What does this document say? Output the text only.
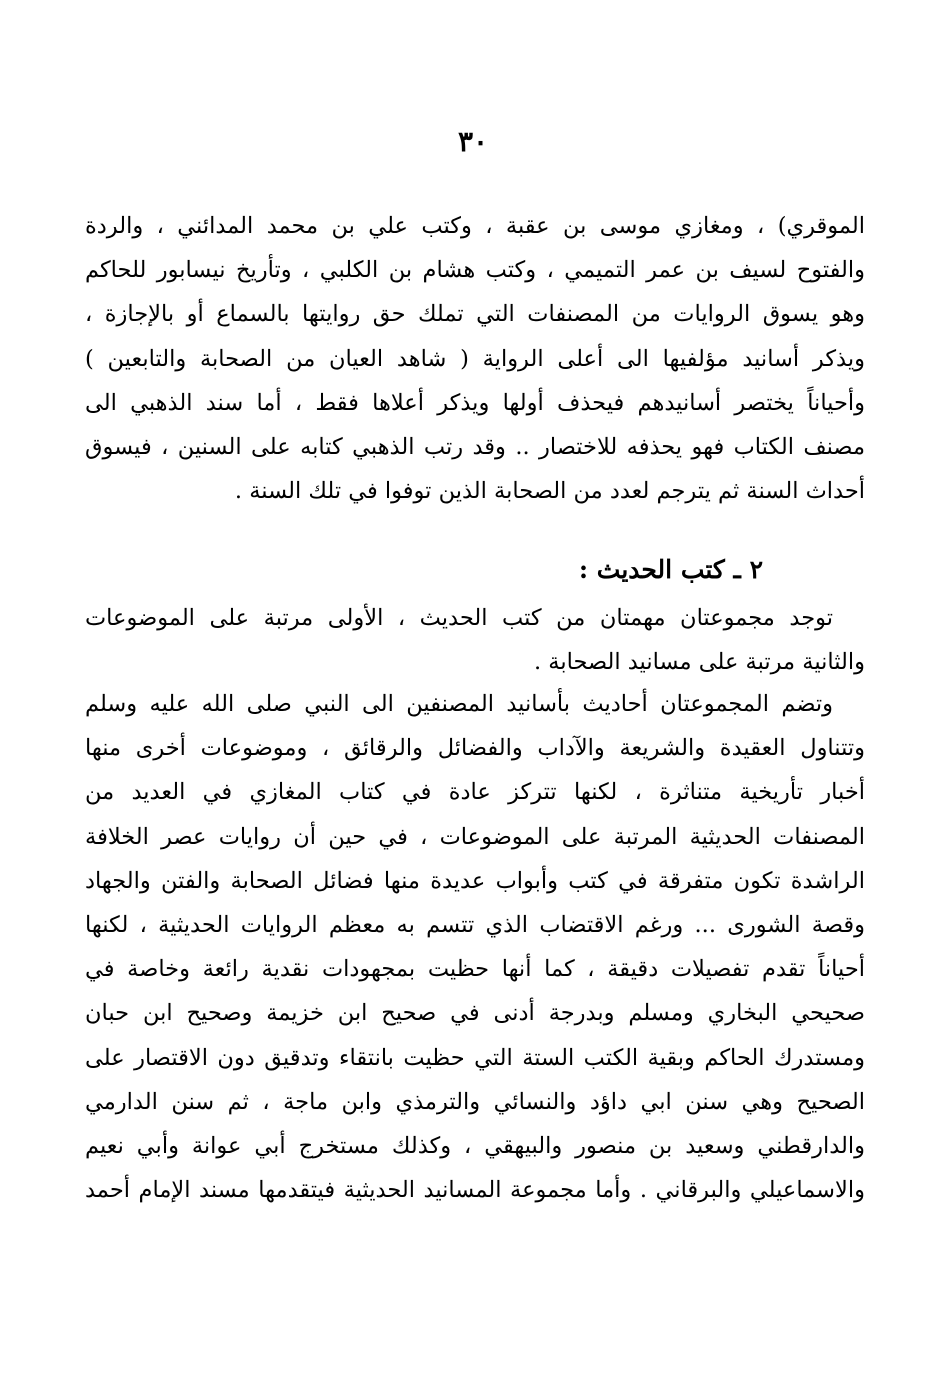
٣٠
الموقري) ، ومغازي موسى بن عقبة ، وكتب علي بن محمد المدائني ، والردة
والفتوح لسيف بن عمر التميمي ، وكتب هشام بن الكلبي ، وتأريخ نيسابور للحاكم
وهو يسوق الروايات من المصنفات التي تملك حق روايتها بالسماع أو بالإجازة ،
ويذكر أسانيد مؤلفيها الى أعلى الرواية ( شاهد العيان من الصحابة والتابعين )
وأحياناً يختصر أسانيدهم فيحذف أولها ويذكر أعلاها فقط ، أما سند الذهبي الى
مصنف الكتاب فهو يحذفه للاختصار .. وقد رتب الذهبي كتابه على السنين ، فيسوق
أحداث السنة ثم يترجم لعدد من الصحابة الذين توفوا في تلك السنة .
٢ ـ كتب الحديث :
توجد مجموعتان مهمتان من كتب الحديث ، الأولى مرتبة على الموضوعات
والثانية مرتبة على مسانيد الصحابة .
وتضم المجموعتان أحاديث بأسانيد المصنفين الى النبي صلى الله عليه وسلم
وتتناول العقيدة والشريعة والآداب والفضائل والرقائق ، وموضوعات أخرى منها
أخبار تأريخية متناثرة ، لكنها تتركز عادة في كتاب المغازي في العديد من
المصنفات الحديثية المرتبة على الموضوعات ، في حين أن روايات عصر الخلافة
الراشدة تكون متفرقة في كتب وأبواب عديدة منها فضائل الصحابة والفتن والجهاد
وقصة الشورى ... ورغم الاقتضاب الذي تتسم به معظم الروايات الحديثية ، لكنها
أحياناً تقدم تفصيلات دقيقة ، كما أنها حظيت بمجهودات نقدية رائعة وخاصة في
صحيحي البخاري ومسلم وبدرجة أدنى في صحيح ابن خزيمة وصحيح ابن حبان
ومستدرك الحاكم وبقية الكتب الستة التي حظيت بانتقاء وتدقيق دون الاقتصار على
الصحيح وهي سنن ابي داؤد والنسائي والترمذي وابن ماجة ، ثم سنن الدارمي
والدارقطني وسعيد بن منصور والبيهقي ، وكذلك مستخرج أبي عوانة وأبي نعيم
والاسماعيلي والبرقاني . وأما مجموعة المسانيد الحديثية فيتقدمها مسند الإمام أحمد
